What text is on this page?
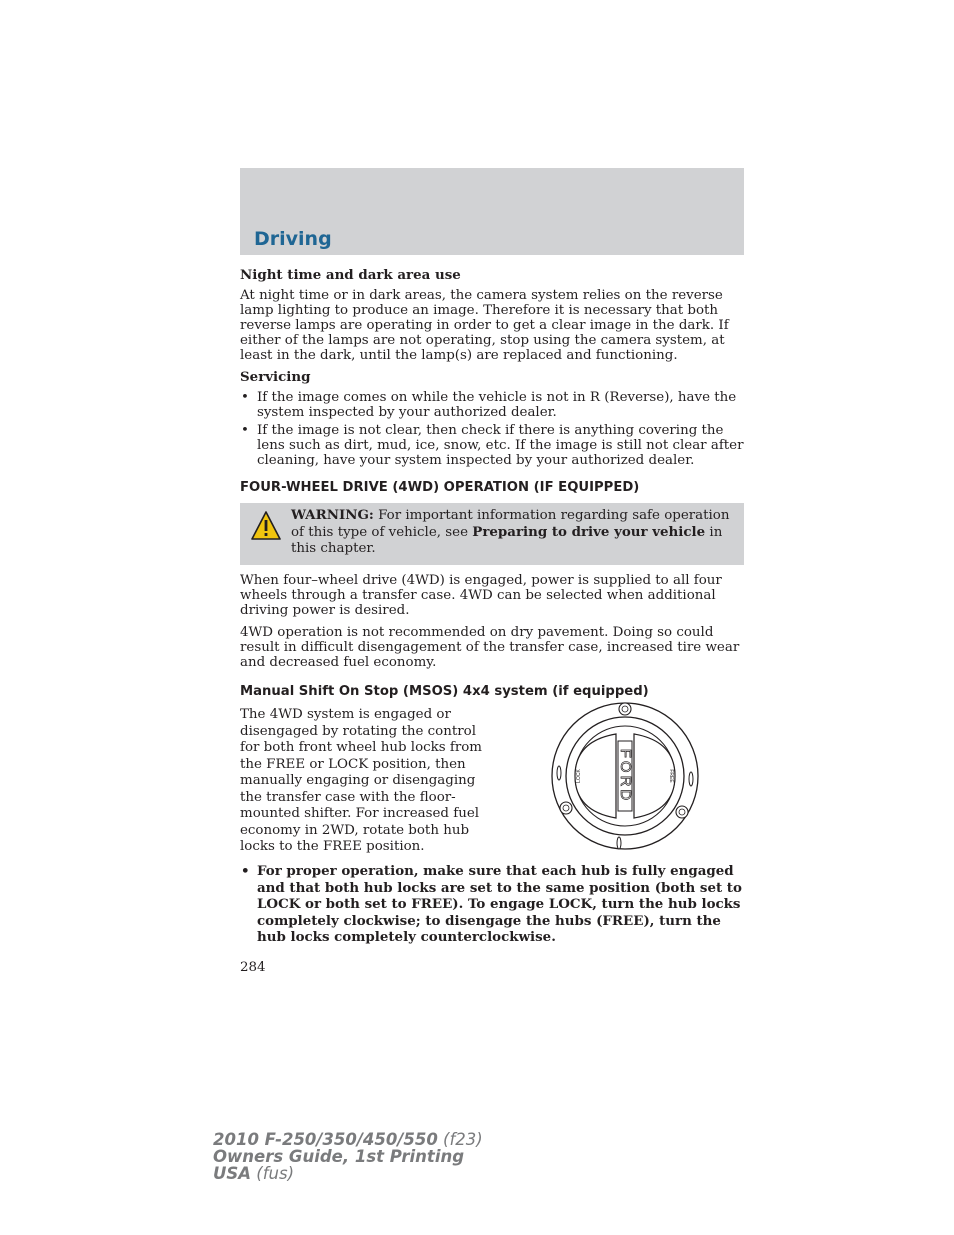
Driving
Night time and dark area use

At night time or in dark areas, the camera system relies on the reverse lamp lighting to produce an image. Therefore it is necessary that both reverse lamps are operating in order to get a clear image in the dark. If either of the lamps are not operating, stop using the camera system, at least in the dark, until the lamp(s) are replaced and functioning.

Servicing
• If the image comes on while the vehicle is not in R (Reverse), have the system inspected by your authorized dealer.
• If the image is not clear, then check if there is anything covering the lens such as dirt, mud, ice, snow, etc. If the image is still not clear after cleaning, have your system inspected by your authorized dealer.
FOUR-WHEEL DRIVE (4WD) OPERATION (IF EQUIPPED)
WARNING: For important information regarding safe operation of this type of vehicle, see Preparing to drive your vehicle in this chapter.

When four–wheel drive (4WD) is engaged, power is supplied to all four wheels through a transfer case. 4WD can be selected when additional driving power is desired.

4WD operation is not recommended on dry pavement. Doing so could result in difficult disengagement of the transfer case, increased tire wear and decreased fuel economy.

Manual Shift On Stop (MSOS) 4x4 system (if equipped)
The 4WD system is engaged or disengaged by rotating the control for both front wheel hub locks from the FREE or LOCK position, then manually engaging or disengaging the transfer case with the floor-mounted shifter. For increased fuel economy in 2WD, rotate both hub locks to the FREE position.
FORD
LOCK	FREE
• For proper operation, make sure that each hub is fully engaged and that both hub locks are set to the same position (both set to LOCK or both set to FREE). To engage LOCK, turn the hub locks completely clockwise; to disengage the hubs (FREE), turn the hub locks completely counterclockwise.
284
2010 F-250/350/450/550 (f23)
Owners Guide, 1st Printing
USA (fus)
